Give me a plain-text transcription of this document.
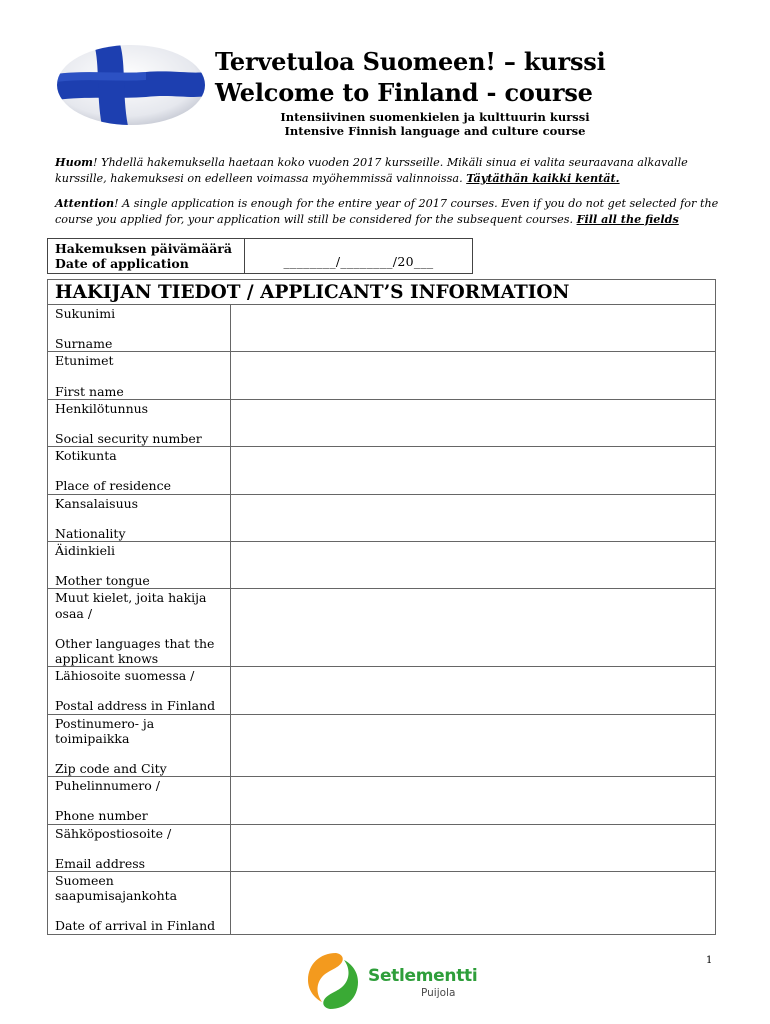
Tervetuloa Suomeen! – kurssi
Welcome to Finland - course
Intensiivinen suomenkielen ja kulttuurin kurssi
Intensive Finnish language and culture course
Huom! Yhdellä hakemuksella haetaan koko vuoden 2017 kursseille. Mikäli sinua ei valita seuraavana alkavalle kurssille, hakemuksesi on edelleen voimassa myöhemmissä valinnoissa. Täytäthän kaikki kentät.
Attention! A single application is enough for the entire year of 2017 courses. Even if you do not get selected for the course you applied for, your application will still be considered for the subsequent courses. Fill all the fields
Hakemuksen päivämäärä
Date of application	________/________/20___
HAKIJAN TIEDOT / APPLICANT’S INFORMATION	

Sukunimi
Surname	

Etunimet
First name	

Henkilötunnus
Social security number	

Kotikunta
Place of residence	

Kansalaisuus
Nationality	

Äidinkieli
Mother tongue	

Muut kielet, joita hakija osaa /
Other languages that the applicant knows	

Lähiosoite suomessa /
Postal address in Finland	

Postinumero- ja toimipaikka
Zip code and City	

Puhelinnumero /
Phone number	

Sähköpostiosoite /
Email address	

Suomeen saapumisajankohta
Date of arrival in Finland	

Setlementti
Puijola
1
